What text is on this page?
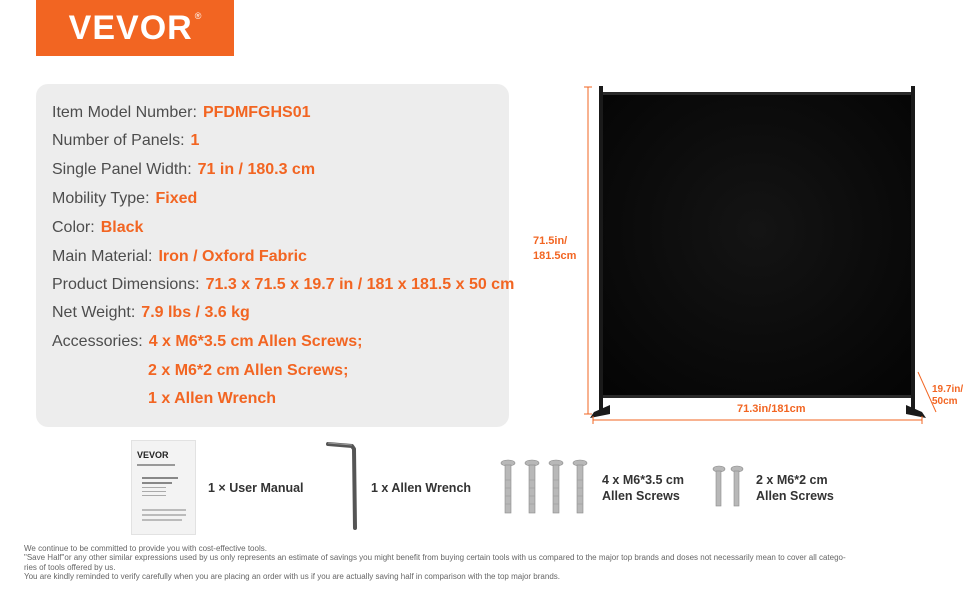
VEVOR ®
Item Model Number: PFDMFGHS01
Number of Panels: 1
Single Panel Width: 71 in / 180.3 cm
Mobility Type: Fixed
Color: Black
Main Material: Iron / Oxford Fabric
Product Dimensions: 71.3 x 71.5 x 19.7 in / 181 x 181.5 x 50 cm
Net Weight: 7.9 lbs / 3.6 kg
Accessories: 4 x M6*3.5 cm Allen Screws;
2 x M6*2 cm Allen Screws;
1 x Allen Wrench
71.5in/
181.5cm
71.3in/181cm
19.7in/
50cm
VEVOR
1 × User Manual	1 x Allen Wrench
4 x M6*3.5 cm
Allen Screws
2 x M6*2 cm
Allen Screws
We continue to be committed to provide you with cost-effective tools.
"Save Half"or any other similar expressions used by us only represents an estimate of savings you might benefit from buying certain tools with us compared to the major top brands and doses not necessarily mean to cover all catego-
ries of tools offered by us.
You are kindly reminded to verify carefully when you are placing an order with us if you are actually saving half in comparison with the top major brands.
